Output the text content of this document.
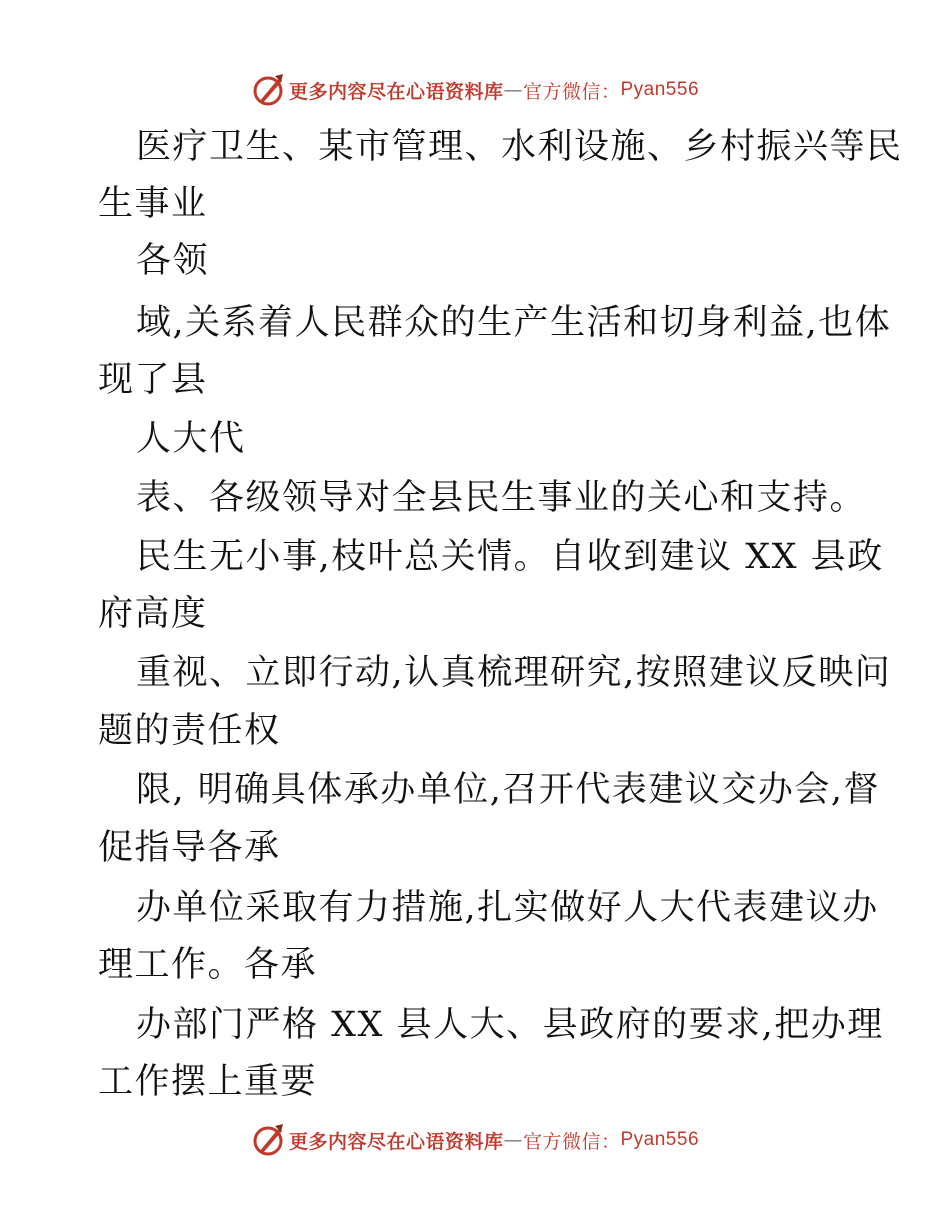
更多内容尽在心语资料库 — 官方微信： Pyan556
医疗卫生、某市管理、水利设施、乡村振兴等民
生事业
各领
域,关系着人民群众的生产生活和切身利益,也体
现了县
人大代
表、各级领导对全县民生事业的关心和支持。
民生无小事,枝叶总关情。自收到建议 XX 县政
府高度
重视、立即行动,认真梳理研究,按照建议反映问
题的责任权
限, 明确具体承办单位,召开代表建议交办会,督
促指导各承
办单位采取有力措施,扎实做好人大代表建议办
理工作。各承
办部门严格 XX 县人大、县政府的要求,把办理
工作摆上重要
更多内容尽在心语资料库 — 官方微信： Pyan556
